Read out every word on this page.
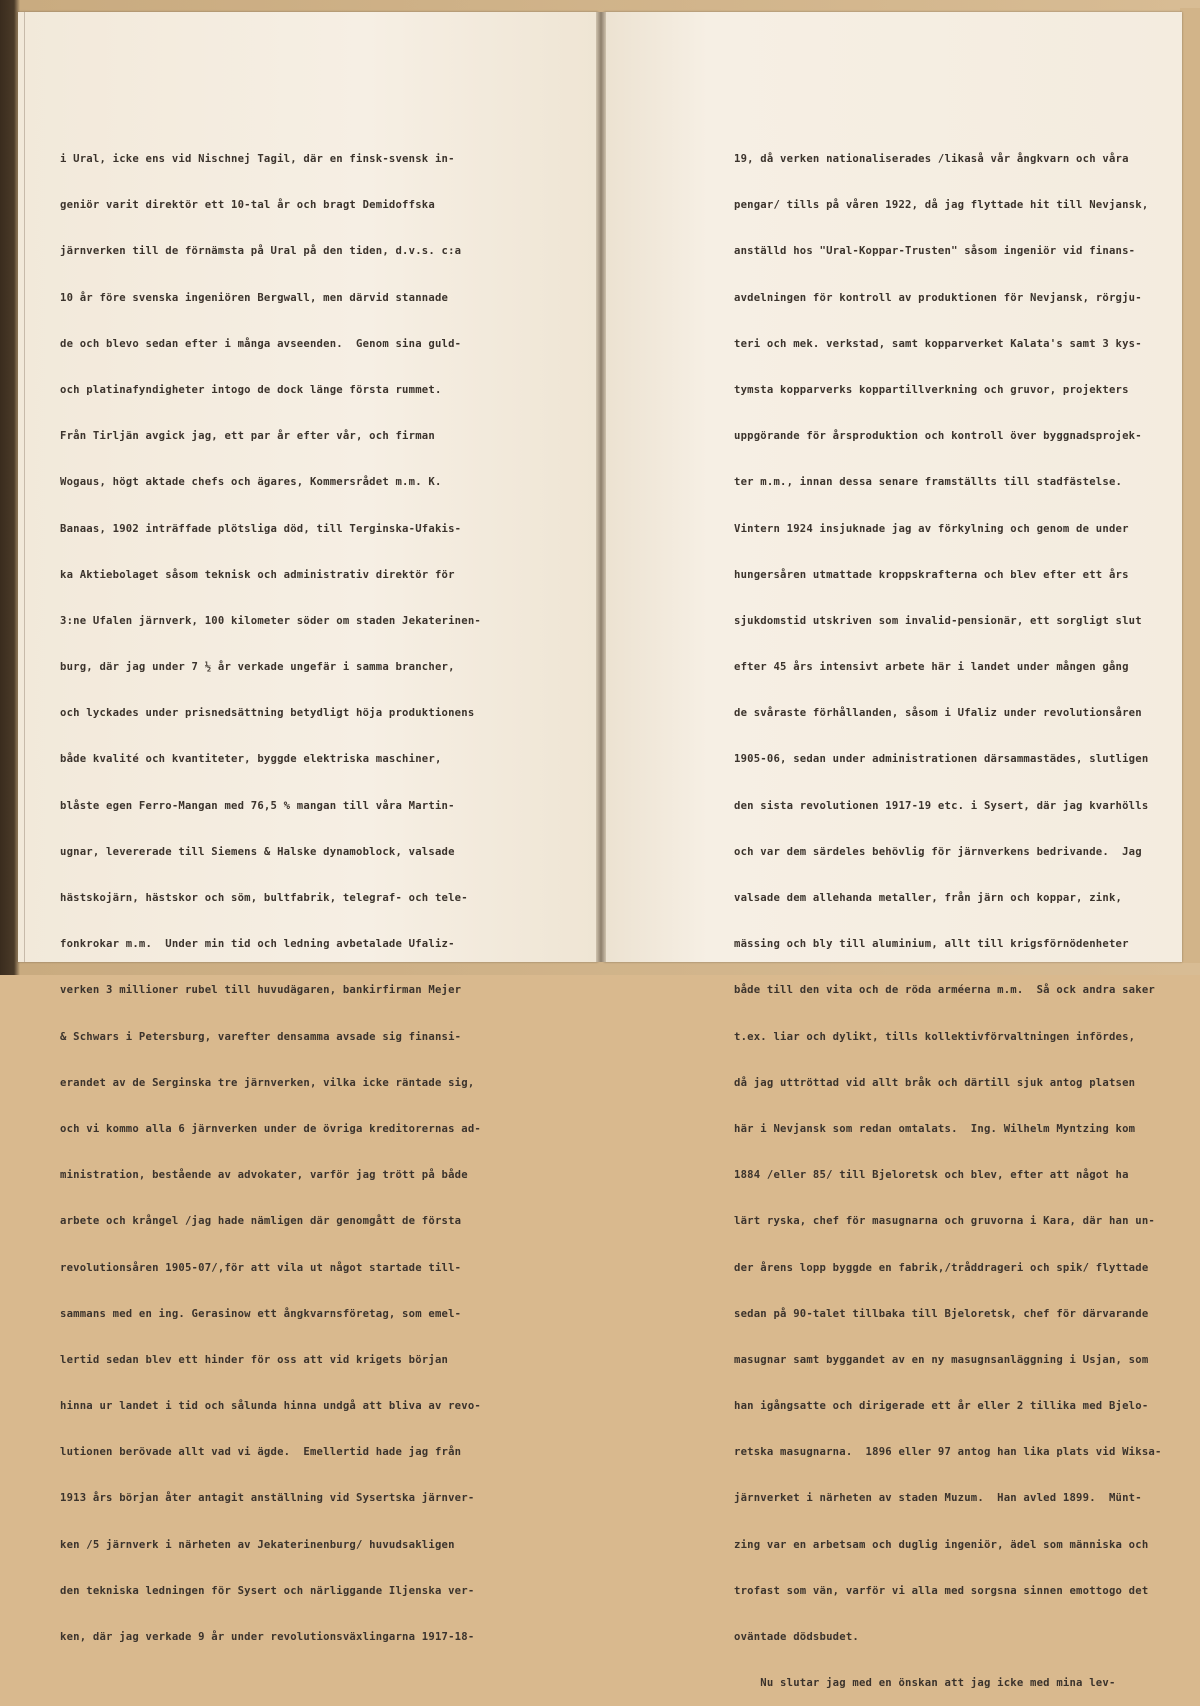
i Ural, icke ens vid Nischnej Tagil, där en finsk-svensk in-

geniör varit direktör ett 10-tal år och bragt Demidoffska

järnverken till de förnämsta på Ural på den tiden, d.v.s. c:a

10 år före svenska ingeniören Bergwall, men därvid stannade

de och blevo sedan efter i många avseenden.  Genom sina guld-

och platinafyndigheter intogo de dock länge första rummet.

Från Tirljän avgick jag, ett par år efter vår, och firman

Wogaus, högt aktade chefs och ägares, Kommersrådet m.m. K.

Banaas, 1902 inträffade plötsliga död, till Terginska-Ufakis-

ka Aktiebolaget såsom teknisk och administrativ direktör för

3:ne Ufalen järnverk, 100 kilometer söder om staden Jekaterinen-

burg, där jag under 7 ½ år verkade ungefär i samma brancher,

och lyckades under prisnedsättning betydligt höja produktionens

både kvalité och kvantiteter, byggde elektriska maschiner,

blåste egen Ferro-Mangan med 76,5 % mangan till våra Martin-

ugnar, levererade till Siemens & Halske dynamoblock, valsade

hästskojärn, hästskor och söm, bultfabrik, telegraf- och tele-

fonkrokar m.m.  Under min tid och ledning avbetalade Ufaliz-

verken 3 millioner rubel till huvudägaren, bankirfirman Mejer

& Schwars i Petersburg, varefter densamma avsade sig finansi-

erandet av de Serginska tre järnverken, vilka icke räntade sig,

och vi kommo alla 6 järnverken under de övriga kreditorernas ad-

ministration, bestående av advokater, varför jag trött på både

arbete och krångel /jag hade nämligen där genomgått de första

revolutionsåren 1905-07/,för att vila ut något startade till-

sammans med en ing. Gerasinow ett ångkvarnsföretag, som emel-

lertid sedan blev ett hinder för oss att vid krigets början

hinna ur landet i tid och sålunda hinna undgå att bliva av revo-

lutionen berövade allt vad vi ägde.  Emellertid hade jag från

1913 års början åter antagit anställning vid Sysertska järnver-

ken /5 järnverk i närheten av Jekaterinenburg/ huvudsakligen

den tekniska ledningen för Sysert och närliggande Iljenska ver-

ken, där jag verkade 9 år under revolutionsväxlingarna 1917-18-

19, då verken nationaliserades /likaså vår ångkvarn och våra

pengar/ tills på våren 1922, då jag flyttade hit till Nevjansk,

anställd hos "Ural-Koppar-Trusten" såsom ingeniör vid finans-

avdelningen för kontroll av produktionen för Nevjansk, rörgju-

teri och mek. verkstad, samt kopparverket Kalata's samt 3 kys-

tymsta kopparverks koppartillverkning och gruvor, projekters

uppgörande för årsproduktion och kontroll över byggnadsprojek-

ter m.m., innan dessa senare framställts till stadfästelse.

Vintern 1924 insjuknade jag av förkylning och genom de under

hungersåren utmattade kroppskrafterna och blev efter ett års

sjukdomstid utskriven som invalid-pensionär, ett sorgligt slut

efter 45 års intensivt arbete här i landet under mången gång

de svåraste förhållanden, såsom i Ufaliz under revolutionsåren

1905-06, sedan under administrationen därsammastädes, slutligen

den sista revolutionen 1917-19 etc. i Sysert, där jag kvarhölls

och var dem särdeles behövlig för järnverkens bedrivande.  Jag

valsade dem allehanda metaller, från järn och koppar, zink,

mässing och bly till aluminium, allt till krigsförnödenheter

både till den vita och de röda arméerna m.m.  Så ock andra saker

t.ex. liar och dylikt, tills kollektivförvaltningen infördes,

då jag uttröttad vid allt bråk och därtill sjuk antog platsen

här i Nevjansk som redan omtalats.  Ing. Wilhelm Myntzing kom

1884 /eller 85/ till Bjeloretsk och blev, efter att något ha

lärt ryska, chef för masugnarna och gruvorna i Kara, där han un-

der årens lopp byggde en fabrik,/tråddrageri och spik/ flyttade

sedan på 90-talet tillbaka till Bjeloretsk, chef för därvarande

masugnar samt byggandet av en ny masugnsanläggning i Usjan, som

han igångsatte och dirigerade ett år eller 2 tillika med Bjelo-

retska masugnarna.  1896 eller 97 antog han lika plats vid Wiksa-

järnverket i närheten av staden Muzum.  Han avled 1899.  Münt-

zing var en arbetsam och duglig ingeniör, ädel som människa och

trofast som vän, varför vi alla med sorgsna sinnen emottogo det

oväntade dödsbudet.

Nu slutar jag med en önskan att jag icke med mina lev-
